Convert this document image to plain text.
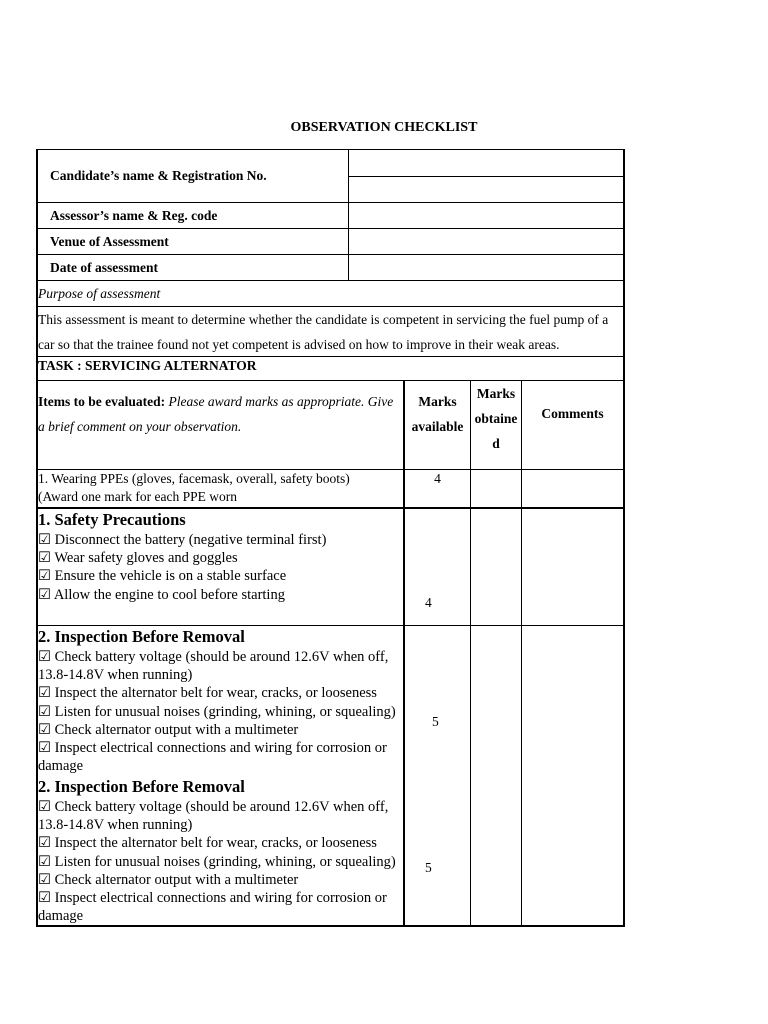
OBSERVATION CHECKLIST
Candidate’s name & Registration No.
Assessor’s name & Reg. code
Venue of Assessment
Date of assessment
Purpose of assessment
This assessment is meant to determine whether the candidate is competent in servicing the fuel pump of a car so that the trainee found not yet competent is advised on how to improve in their weak areas.
TASK : SERVICING ALTERNATOR
Items to be evaluated: Please award marks as appropriate. Give a brief comment on your observation.
Marks available
Marks obtaine d
Comments
1. Wearing PPEs (gloves, facemask, overall, safety boots)
(Award one mark for each PPE worn
4
1. Safety Precautions
☑ Disconnect the battery (negative terminal first)
☑ Wear safety gloves and goggles
☑ Ensure the vehicle is on a stable surface
☑ Allow the engine to cool before starting	4
2. Inspection Before Removal
☑ Check battery voltage (should be around 12.6V when off, 13.8-14.8V when running)
☑ Inspect the alternator belt for wear, cracks, or looseness
☑ Listen for unusual noises (grinding, whining, or squealing)
☑ Check alternator output with a multimeter
☑ Inspect electrical connections and wiring for corrosion or damage
5
2. Inspection Before Removal
☑ Check battery voltage (should be around 12.6V when off, 13.8-14.8V when running)
☑ Inspect the alternator belt for wear, cracks, or looseness
☑ Listen for unusual noises (grinding, whining, or squealing)
☑ Check alternator output with a multimeter
☑ Inspect electrical connections and wiring for corrosion or damage
5
